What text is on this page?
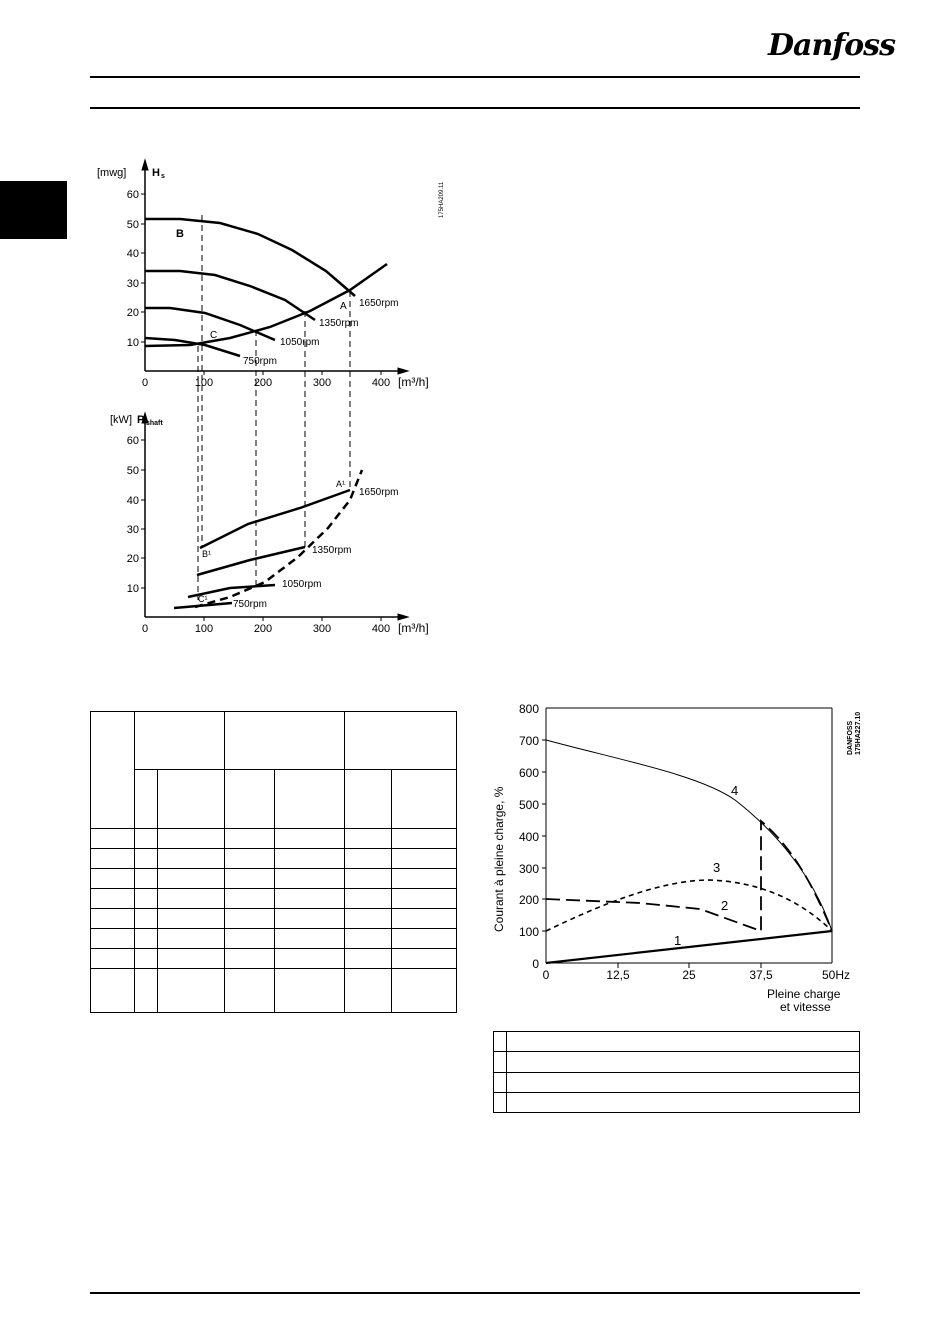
Danfoss
[mwg] H s
60
50
40
30
20
10
0	100	200	300	400 [m³/h]
A
B
C
1650rpm
1350rpm
1050rpm
750rpm
175HA209.11
[kW] P shaft
60
50
40
30
20
10
0	100	200	300	400 [m³/h]
A¹
B¹
C¹
1650rpm
1350rpm
1050rpm
750rpm
800
700
600
500
400
300
200
100
0
0	12,5	25	37,5	50Hz
Courant à pleine charge, %
Pleine charge
et vitesse
1
2
3
4
DANFOSS 175HA227.10
